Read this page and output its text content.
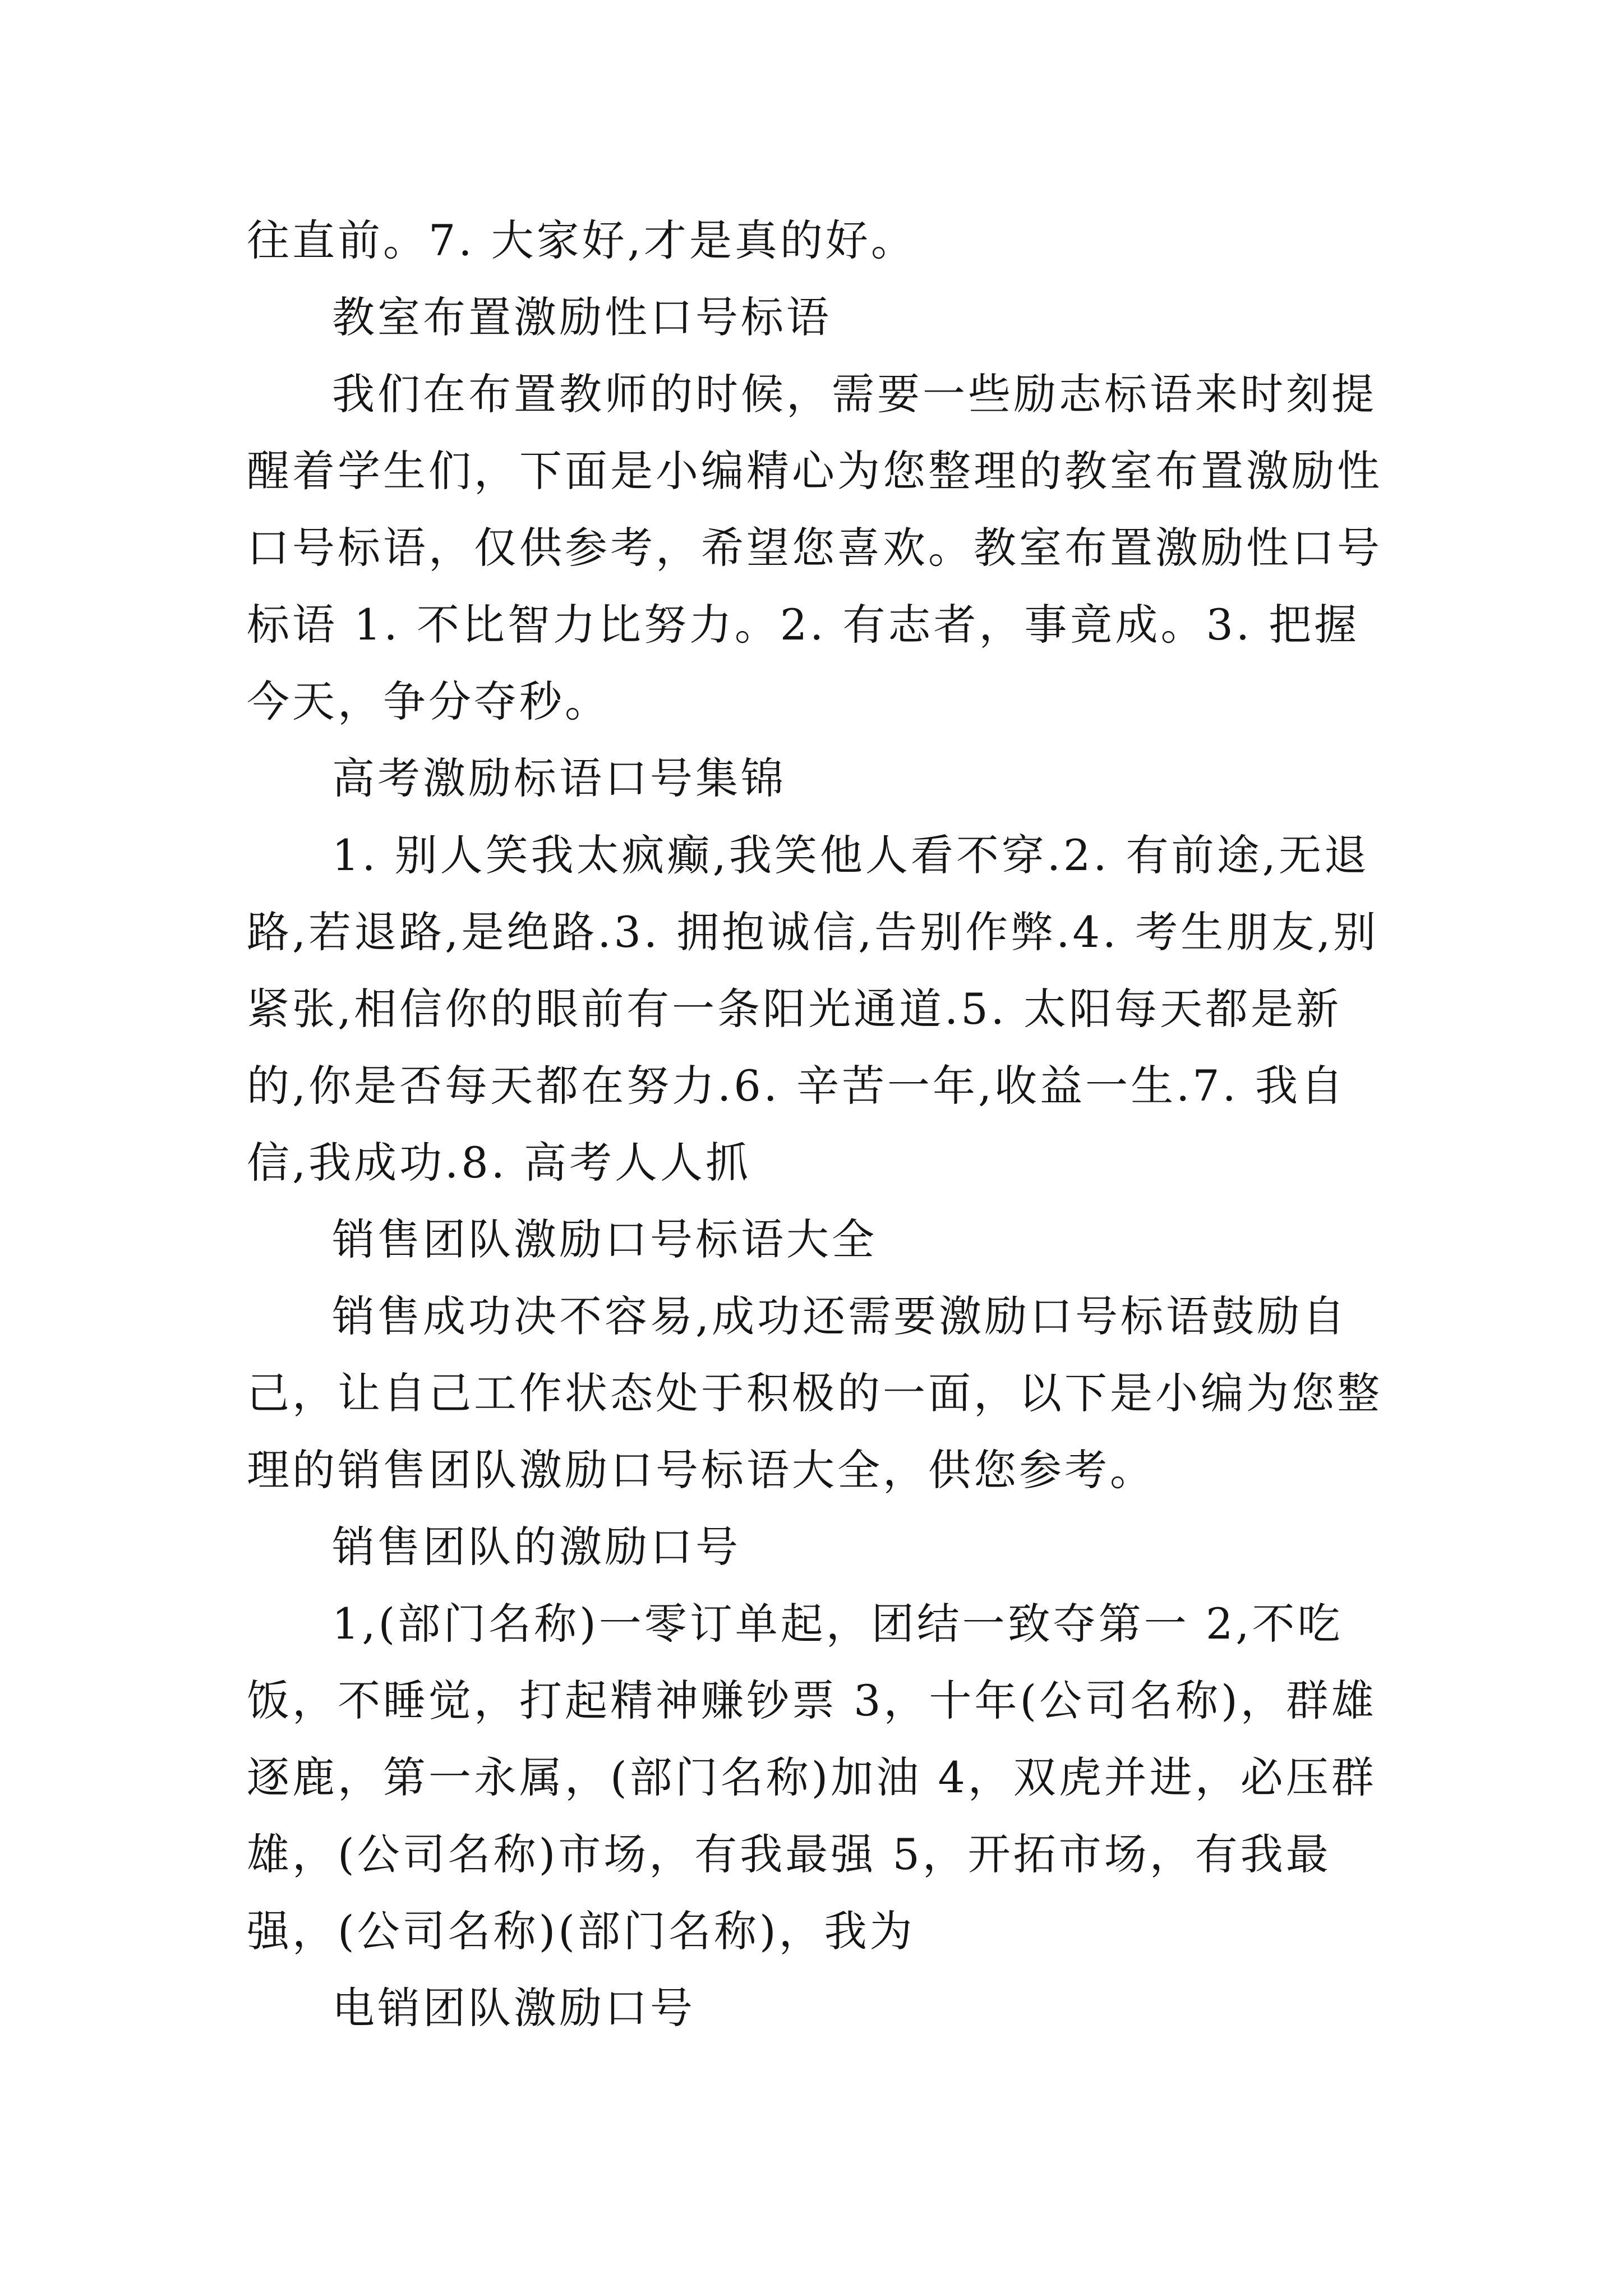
往直前。7. 大家好,才是真的好。

教室布置激励性口号标语

我们在布置教师的时候，需要一些励志标语来时刻提醒着学生们，下面是小编精心为您整理的教室布置激励性口号标语，仅供参考，希望您喜欢。教室布置激励性口号标语 1. 不比智力比努力。2. 有志者，事竟成。3. 把握今天，争分夺秒。

高考激励标语口号集锦

1. 别人笑我太疯癫,我笑他人看不穿.2. 有前途,无退路,若退路,是绝路.3. 拥抱诚信,告别作弊.4. 考生朋友,别紧张,相信你的眼前有一条阳光通道.5. 太阳每天都是新的,你是否每天都在努力.6. 辛苦一年,收益一生.7. 我自信,我成功.8. 高考人人抓

销售团队激励口号标语大全

销售成功决不容易,成功还需要激励口号标语鼓励自己，让自己工作状态处于积极的一面，以下是小编为您整理的销售团队激励口号标语大全，供您参考。

销售团队的激励口号

1,(部门名称)一零订单起，团结一致夺第一 2,不吃饭，不睡觉，打起精神赚钞票 3，十年(公司名称)，群雄逐鹿，第一永属，(部门名称)加油 4，双虎并进，必压群雄，(公司名称)市场，有我最强 5，开拓市场，有我最强，(公司名称)(部门名称)，我为

电销团队激励口号
